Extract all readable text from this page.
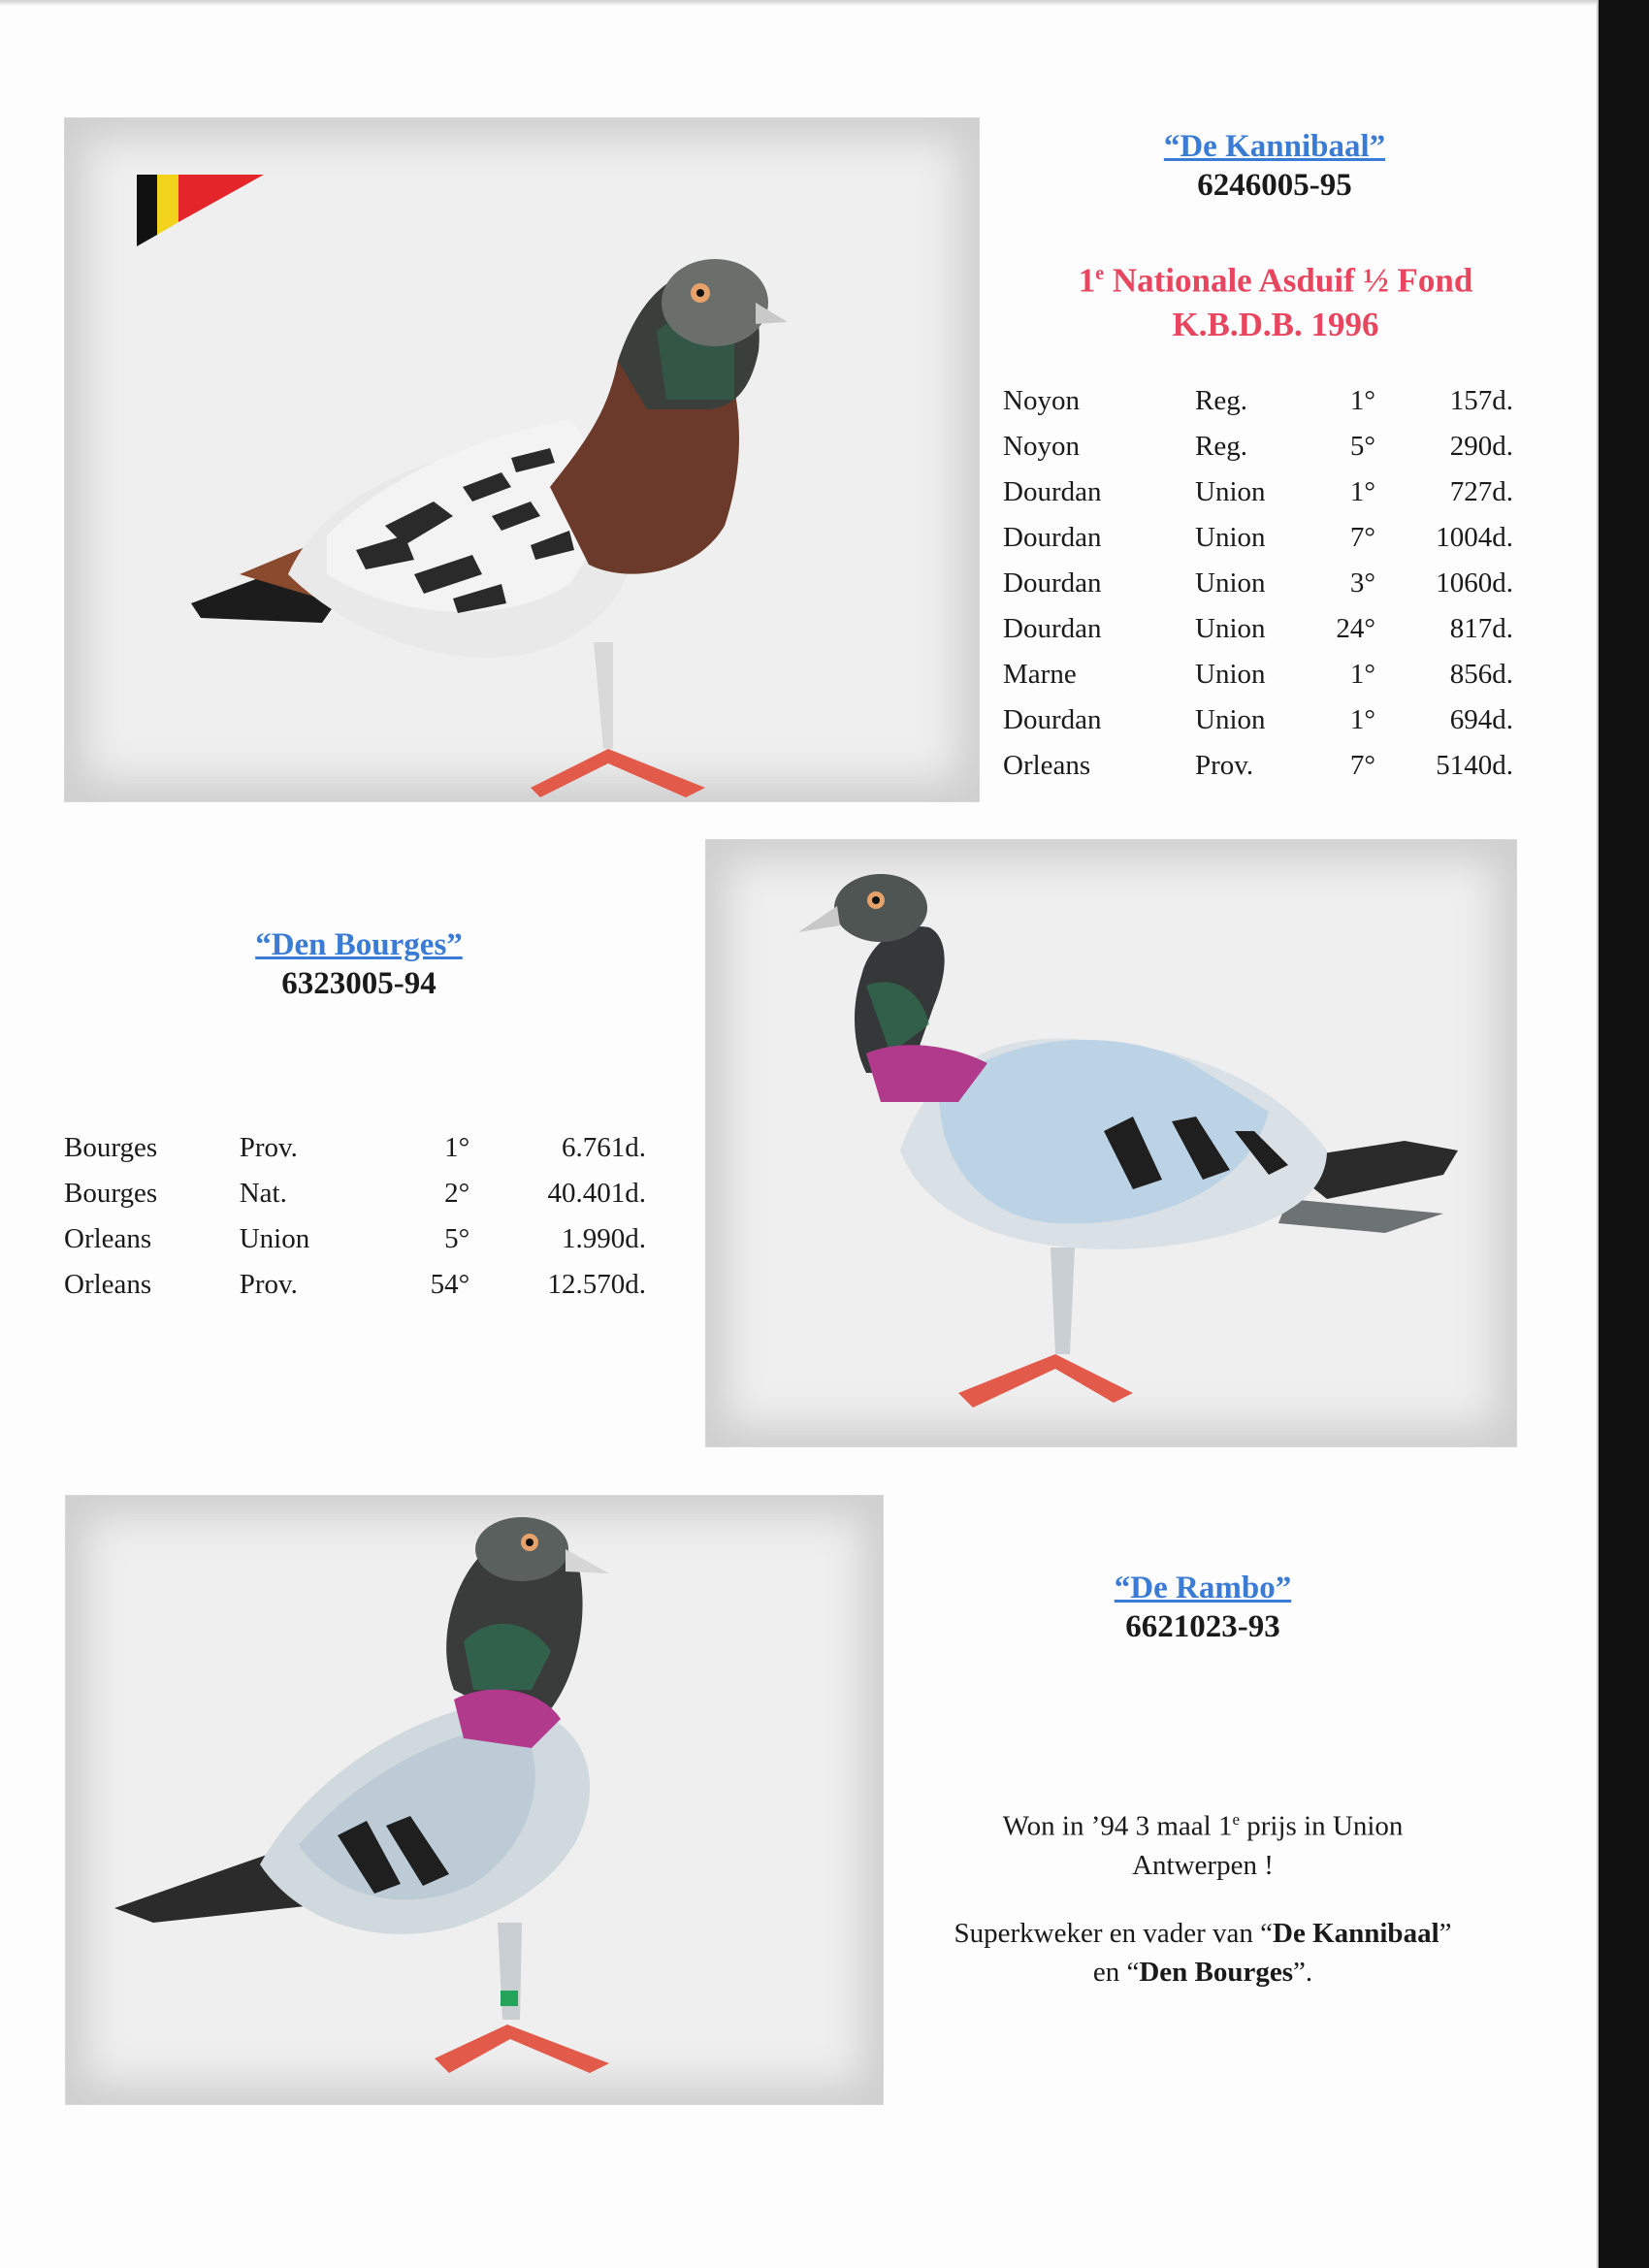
“De Kannibaal”
6246005-95
1e Nationale Asduif ½ Fond
K.B.D.B. 1996
Noyon	Reg.	1°	157d.
Noyon	Reg.	5°	290d.
Dourdan	Union	1°	727d.
Dourdan	Union	7°	1004d.
Dourdan	Union	3°	1060d.
Dourdan	Union	24°	817d.
Marne	Union	1°	856d.
Dourdan	Union	1°	694d.
Orleans	Prov.	7°	5140d.
“Den Bourges”
6323005-94
Bourges	Prov.	1°	6.761d.
Bourges	Nat.	2°	40.401d.
Orleans	Union	5°	1.990d.
Orleans	Prov.	54°	12.570d.
“De Rambo”
6621023-93
Won in ’94 3 maal 1e prijs in Union
Antwerpen !
Superkweker en vader van “De Kannibaal”
en “Den Bourges”.
